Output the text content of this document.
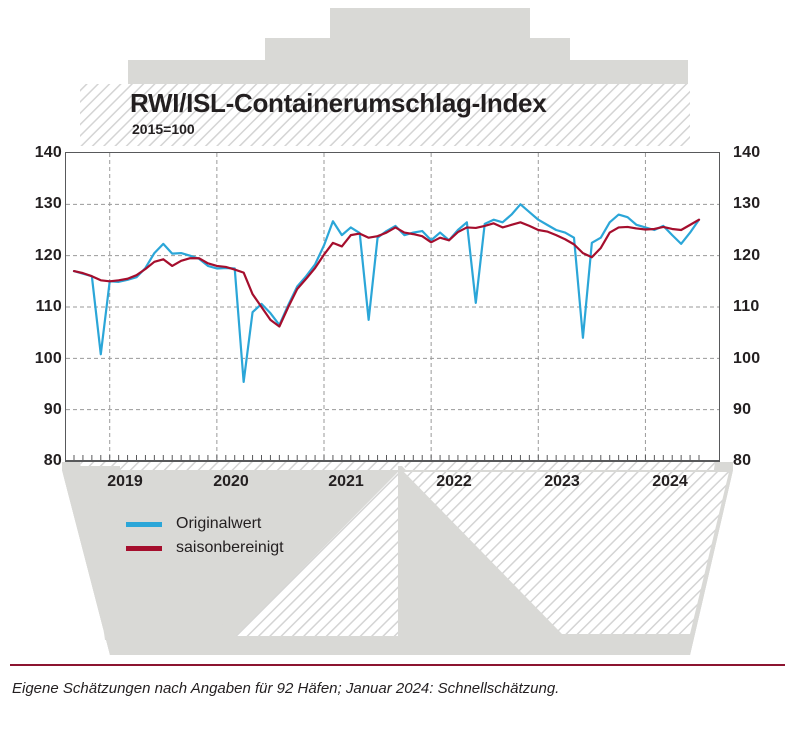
140
130
120
110
100
90
80
140
130
120
110
100
90
80
2019	2020	2021	2022	2023	2024
RWI/ISL-Containerumschlag-Index
2015=100
Originalwert
saisonbereinigt
Eigene Schätzungen nach Angaben für 92 Häfen; Januar 2024: Schnellschätzung.
